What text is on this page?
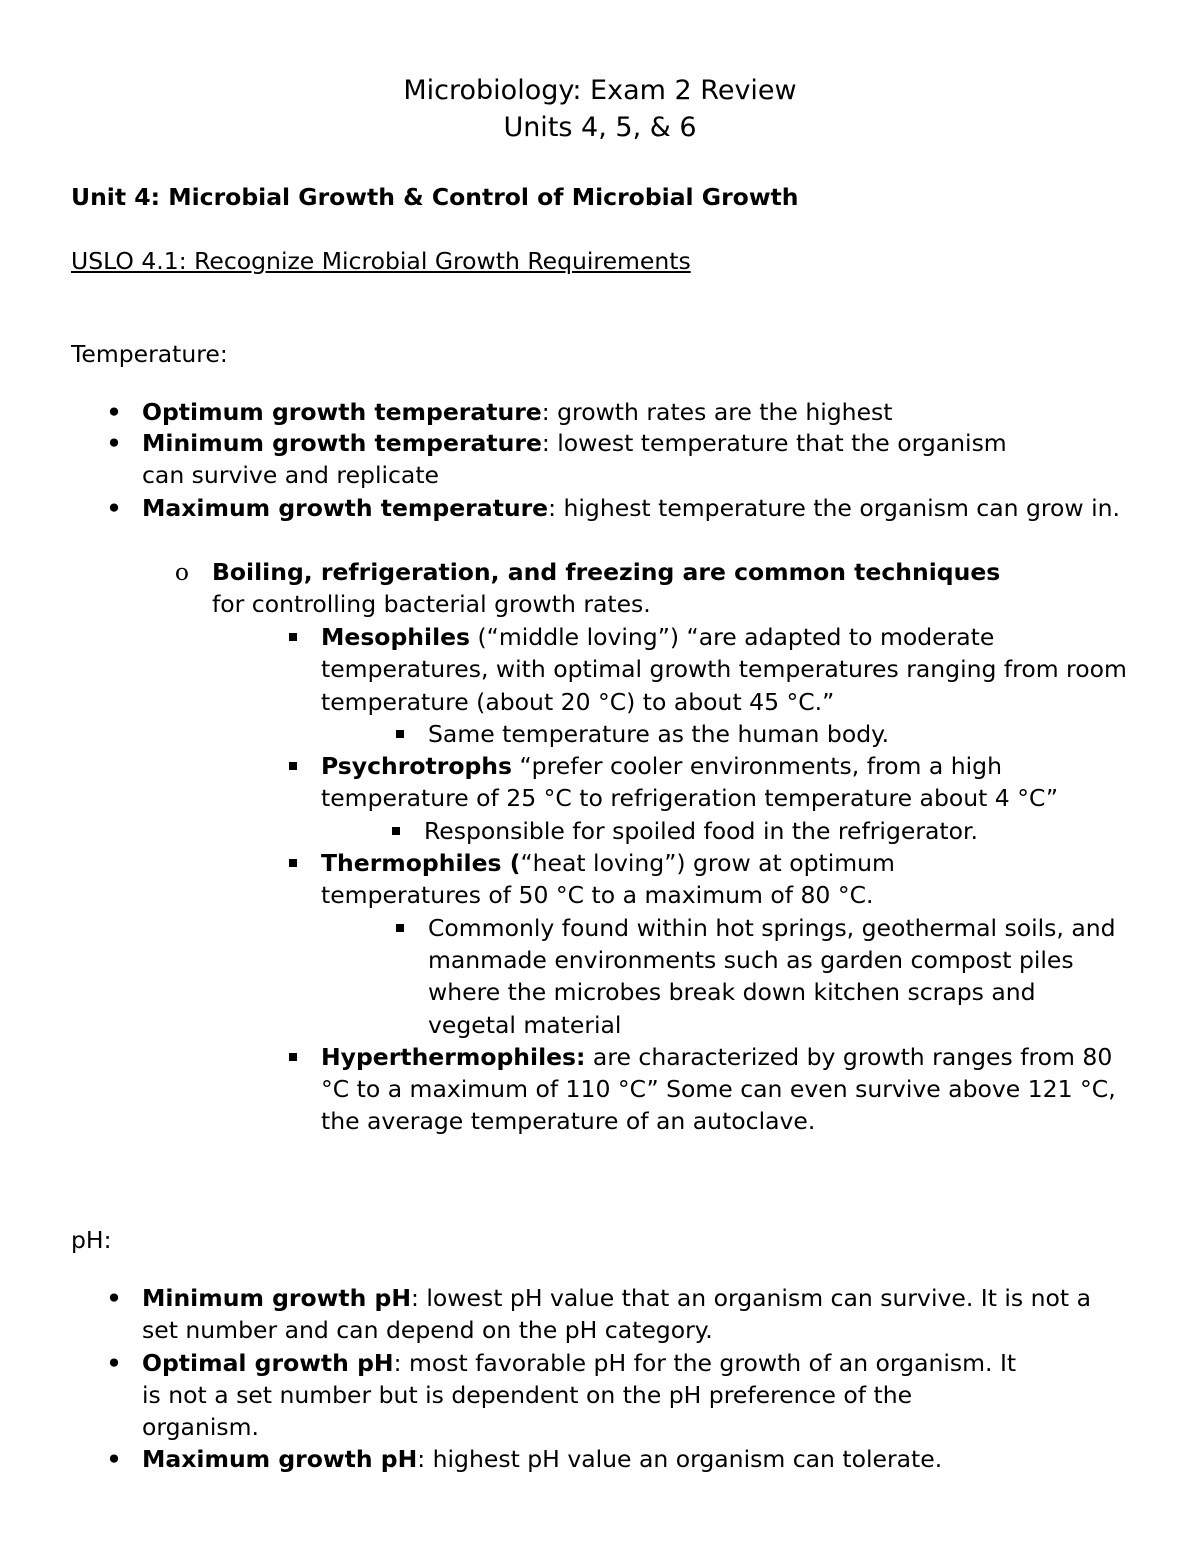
Microbiology: Exam 2 Review
Units 4, 5, & 6
Unit 4: Microbial Growth & Control of Microbial Growth
USLO 4.1: Recognize Microbial Growth Requirements
Temperature:
• Optimum growth temperature: growth rates are the highest
• Minimum growth temperature: lowest temperature that the organism can survive and replicate
• Maximum growth temperature: highest temperature the organism can grow in.
o Boiling, refrigeration, and freezing are common techniques for controlling bacterial growth rates.
Mesophiles (“middle loving”) “are adapted to moderate temperatures, with optimal growth temperatures ranging from room temperature (about 20 °C) to about 45 °C.”
Same temperature as the human body.
Psychrotrophs “prefer cooler environments, from a high temperature of 25 °C to refrigeration temperature about 4 °C”
Responsible for spoiled food in the refrigerator.
Thermophiles (“heat loving”) grow at optimum temperatures of 50 °C to a maximum of 80 °C.
Commonly found within hot springs, geothermal soils, and manmade environments such as garden compost piles where the microbes break down kitchen scraps and vegetal material
Hyperthermophiles: are characterized by growth ranges from 80 °C to a maximum of 110 °C” Some can even survive above 121 °C, the average temperature of an autoclave.
pH:
• Minimum growth pH: lowest pH value that an organism can survive. It is not a set number and can depend on the pH category.
• Optimal growth pH: most favorable pH for the growth of an organism. It is not a set number but is dependent on the pH preference of the organism.
• Maximum growth pH: highest pH value an organism can tolerate.
